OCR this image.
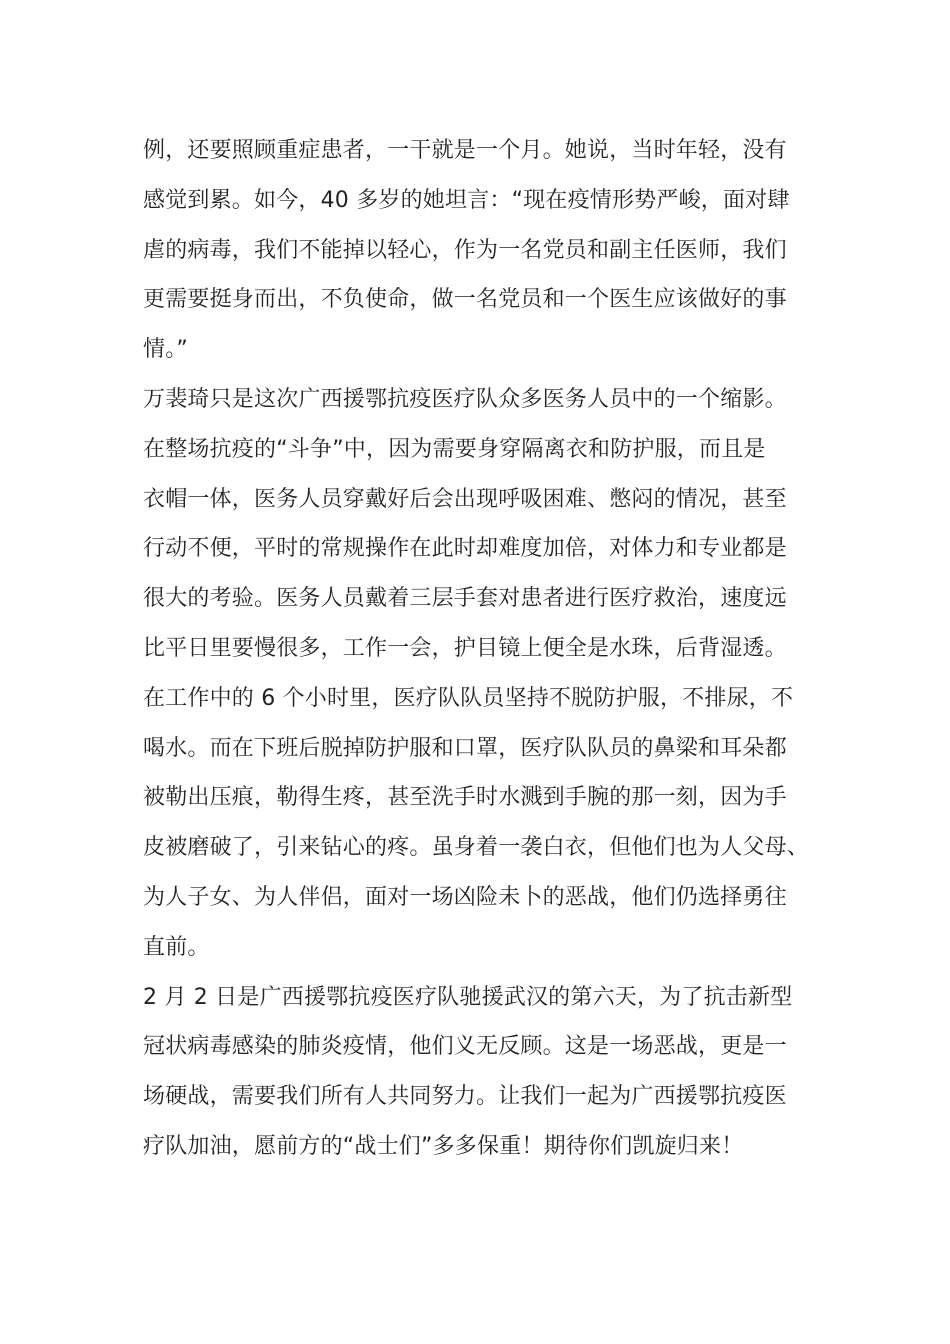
例，还要照顾重症患者，一干就是一个月。她说，当时年轻，没有
感觉到累。如今，40 多岁的她坦言：“现在疫情形势严峻，面对肆
虐的病毒，我们不能掉以轻心，作为一名党员和副主任医师，我们
更需要挺身而出，不负使命，做一名党员和一个医生应该做好的事
情。”
万裴琦只是这次广西援鄂抗疫医疗队众多医务人员中的一个缩影。
在整场抗疫的“斗争”中，因为需要身穿隔离衣和防护服，而且是
衣帽一体，医务人员穿戴好后会出现呼吸困难、憋闷的情况，甚至
行动不便，平时的常规操作在此时却难度加倍，对体力和专业都是
很大的考验。医务人员戴着三层手套对患者进行医疗救治，速度远
比平日里要慢很多，工作一会，护目镜上便全是水珠，后背湿透。
在工作中的 6 个小时里，医疗队队员坚持不脱防护服，不排尿，不
喝水。而在下班后脱掉防护服和口罩，医疗队队员的鼻梁和耳朵都
被勒出压痕，勒得生疼，甚至洗手时水溅到手腕的那一刻，因为手
皮被磨破了，引来钻心的疼。虽身着一袭白衣，但他们也为人父母、
为人子女、为人伴侣，面对一场凶险未卜的恶战，他们仍选择勇往
直前。
2 月 2 日是广西援鄂抗疫医疗队驰援武汉的第六天，为了抗击新型
冠状病毒感染的肺炎疫情，他们义无反顾。这是一场恶战，更是一
场硬战，需要我们所有人共同努力。让我们一起为广西援鄂抗疫医
疗队加油，愿前方的“战士们”多多保重！期待你们凯旋归来！
